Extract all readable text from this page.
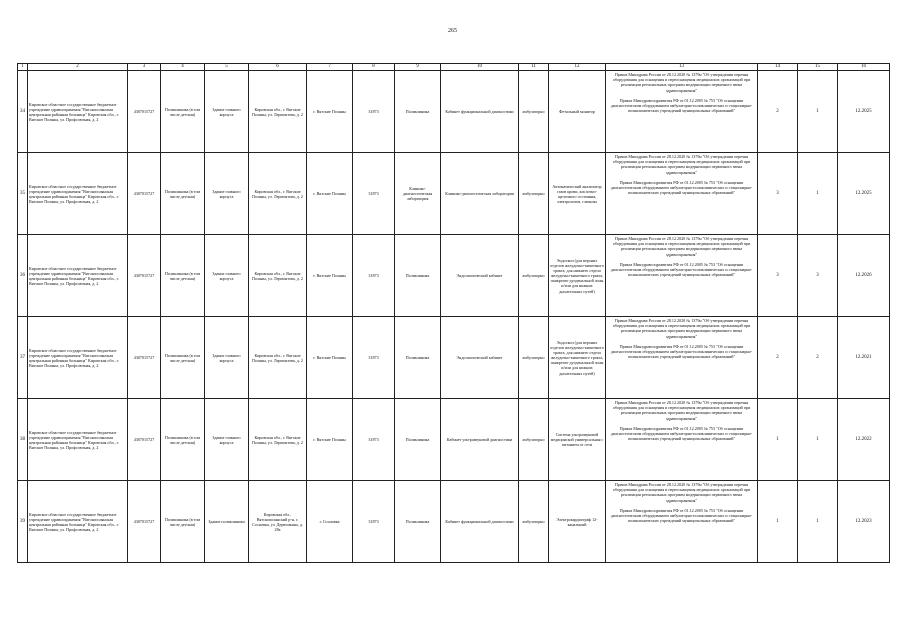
265
1	2	3	4	5	6	7	8	9	10	11	12	13	14	15	16
34	Кировское областное государственное бюджетное учреждение здравоохранения "Вятскополянская центральная районная больница" Кировская обл., г. Вятские Поляны, ул. Профсоюзная, д. 2	4307015727	Поликлиника (в том числе детская)	Здание главного корпуса	Кировская обл., г. Вятские Поляны, ул. Лермонтова, д. 2	г. Вятские Поляны	31873	Поликлиника	Кабинет функциональной диагностики	амбулаторно	Фетальный монитор	Приказ Минздрава России от 28.12.2020 № 1379н "Об утверждении перечня оборудования для оснащения и переоснащения медицинских организаций при реализации региональных программ модернизации первичного звена здравоохранения"

Приказ Минздравсоцразвития РФ от 01.12.2005 № 753 "Об оснащении диагностическим оборудованием амбулаторно-поликлинических и стационарно-поликлинических учреждений муниципальных образований"	2	1	12.2025
35	Кировское областное государственное бюджетное учреждение здравоохранения "Вятскополянская центральная районная больница" Кировская обл., г. Вятские Поляны, ул. Профсоюзная, д. 2	4307015727	Поликлиника (в том числе детская)	Здание главного корпуса	Кировская обл., г. Вятские Поляны, ул. Лермонтова, д. 2	г. Вятские Поляны	31873	Клинико-диагностическая лаборатория	Клинико-диагностическая лаборатория	амбулаторно	Автоматический анализатор газов крови, кислотно-щелочного состояния, электролитов, глюкозы	Приказ Минздрава России от 28.12.2020 № 1379н "Об утверждении перечня оборудования для оснащения и переоснащения медицинских организаций при реализации региональных программ модернизации первичного звена здравоохранения"

Приказ Минздравсоцразвития РФ от 01.12.2005 № 753 "Об оснащении диагностическим оборудованием амбулаторно-поликлинических и стационарно-поликлинических учреждений муниципальных образований"	3	1	12.2025
36	Кировское областное государственное бюджетное учреждение здравоохранения "Вятскополянская центральная районная больница" Кировская обл., г. Вятские Поляны, ул. Профсоюзная, д. 2	4307015727	Поликлиника (в том числе детская)	Здание главного корпуса	Кировская обл., г. Вятские Поляны, ул. Лермонтова, д. 2	г. Вятские Поляны	31873	Поликлиника	Эндоскопический кабинет	амбулаторно	Эндоскоп (для верхних отделов желудочно-кишечного тракта, для нижнего отдела желудочно-кишечного тракта, панкреато-дуоденальной зоны и/или для нижних дыхательных путей)	Приказ Минздрава России от 28.12.2020 № 1379н "Об утверждении перечня оборудования для оснащения и переоснащения медицинских организаций при реализации региональных программ модернизации первичного звена здравоохранения"

Приказ Минздравсоцразвития РФ от 01.12.2005 № 753 "Об оснащении диагностическим оборудованием амбулаторно-поликлинических и стационарно-поликлинических учреждений муниципальных образований"	3	3	12.2026
37	Кировское областное государственное бюджетное учреждение здравоохранения "Вятскополянская центральная районная больница" Кировская обл., г. Вятские Поляны, ул. Профсоюзная, д. 2	4307015727	Поликлиника (в том числе детская)	Здание главного корпуса	Кировская обл., г. Вятские Поляны, ул. Лермонтова, д. 2	г. Вятские Поляны	31873	Поликлиника	Эндоскопический кабинет	амбулаторно	Эндоскоп (для верхних отделов желудочно-кишечного тракта, для нижнего отдела желудочно-кишечного тракта, панкреато-дуоденальной зоны и/или для нижних дыхательных путей)	Приказ Минздрава России от 28.12.2020 № 1379н "Об утверждении перечня оборудования для оснащения и переоснащения медицинских организаций при реализации региональных программ модернизации первичного звена здравоохранения"

Приказ Минздравсоцразвития РФ от 01.12.2005 № 753 "Об оснащении диагностическим оборудованием амбулаторно-поликлинических и стационарно-поликлинических учреждений муниципальных образований"	2	2	12.2021
38	Кировское областное государственное бюджетное учреждение здравоохранения "Вятскополянская центральная районная больница" Кировская обл., г. Вятские Поляны, ул. Профсоюзная, д. 2	4307015727	Поликлиника (в том числе детская)	Здание главного корпуса	Кировская обл., г. Вятские Поляны, ул. Лермонтова, д. 2	г. Вятские Поляны	31873	Поликлиника	Кабинет ультразвуковой диагностики	амбулаторно	Система ультразвуковой медицинской универсальная с питанием от сети	Приказ Минздрава России от 28.12.2020 № 1379н "Об утверждении перечня оборудования для оснащения и переоснащения медицинских организаций при реализации региональных программ модернизации первичного звена здравоохранения"

Приказ Минздравсоцразвития РФ от 01.12.2005 № 753 "Об оснащении диагностическим оборудованием амбулаторно-поликлинических и стационарно-поликлинических учреждений муниципальных образований"	1	1	12.2022
39	Кировское областное государственное бюджетное учреждение здравоохранения "Вятскополянская центральная районная больница" Кировская обл., г. Вятские Поляны, ул. Профсоюзная, д. 2	4307015727	Поликлиника (в том числе детская)	Здание поликлиники	Кировская обл., Вятскополянский р-н, г. Сосновка, ул. Дерюшкина, д. 28а	г. Сосновка	31873	Поликлиника	Кабинет функциональной диагностики	амбулаторно	Электрокардиограф 12-канальный	Приказ Минздрава России от 28.12.2020 № 1379н "Об утверждении перечня оборудования для оснащения и переоснащения медицинских организаций при реализации региональных программ модернизации первичного звена здравоохранения"

Приказ Минздравсоцразвития РФ от 01.12.2005 № 753 "Об оснащении диагностическим оборудованием амбулаторно-поликлинических и стационарно-поликлинических учреждений муниципальных образований"	1	1	12.2023
